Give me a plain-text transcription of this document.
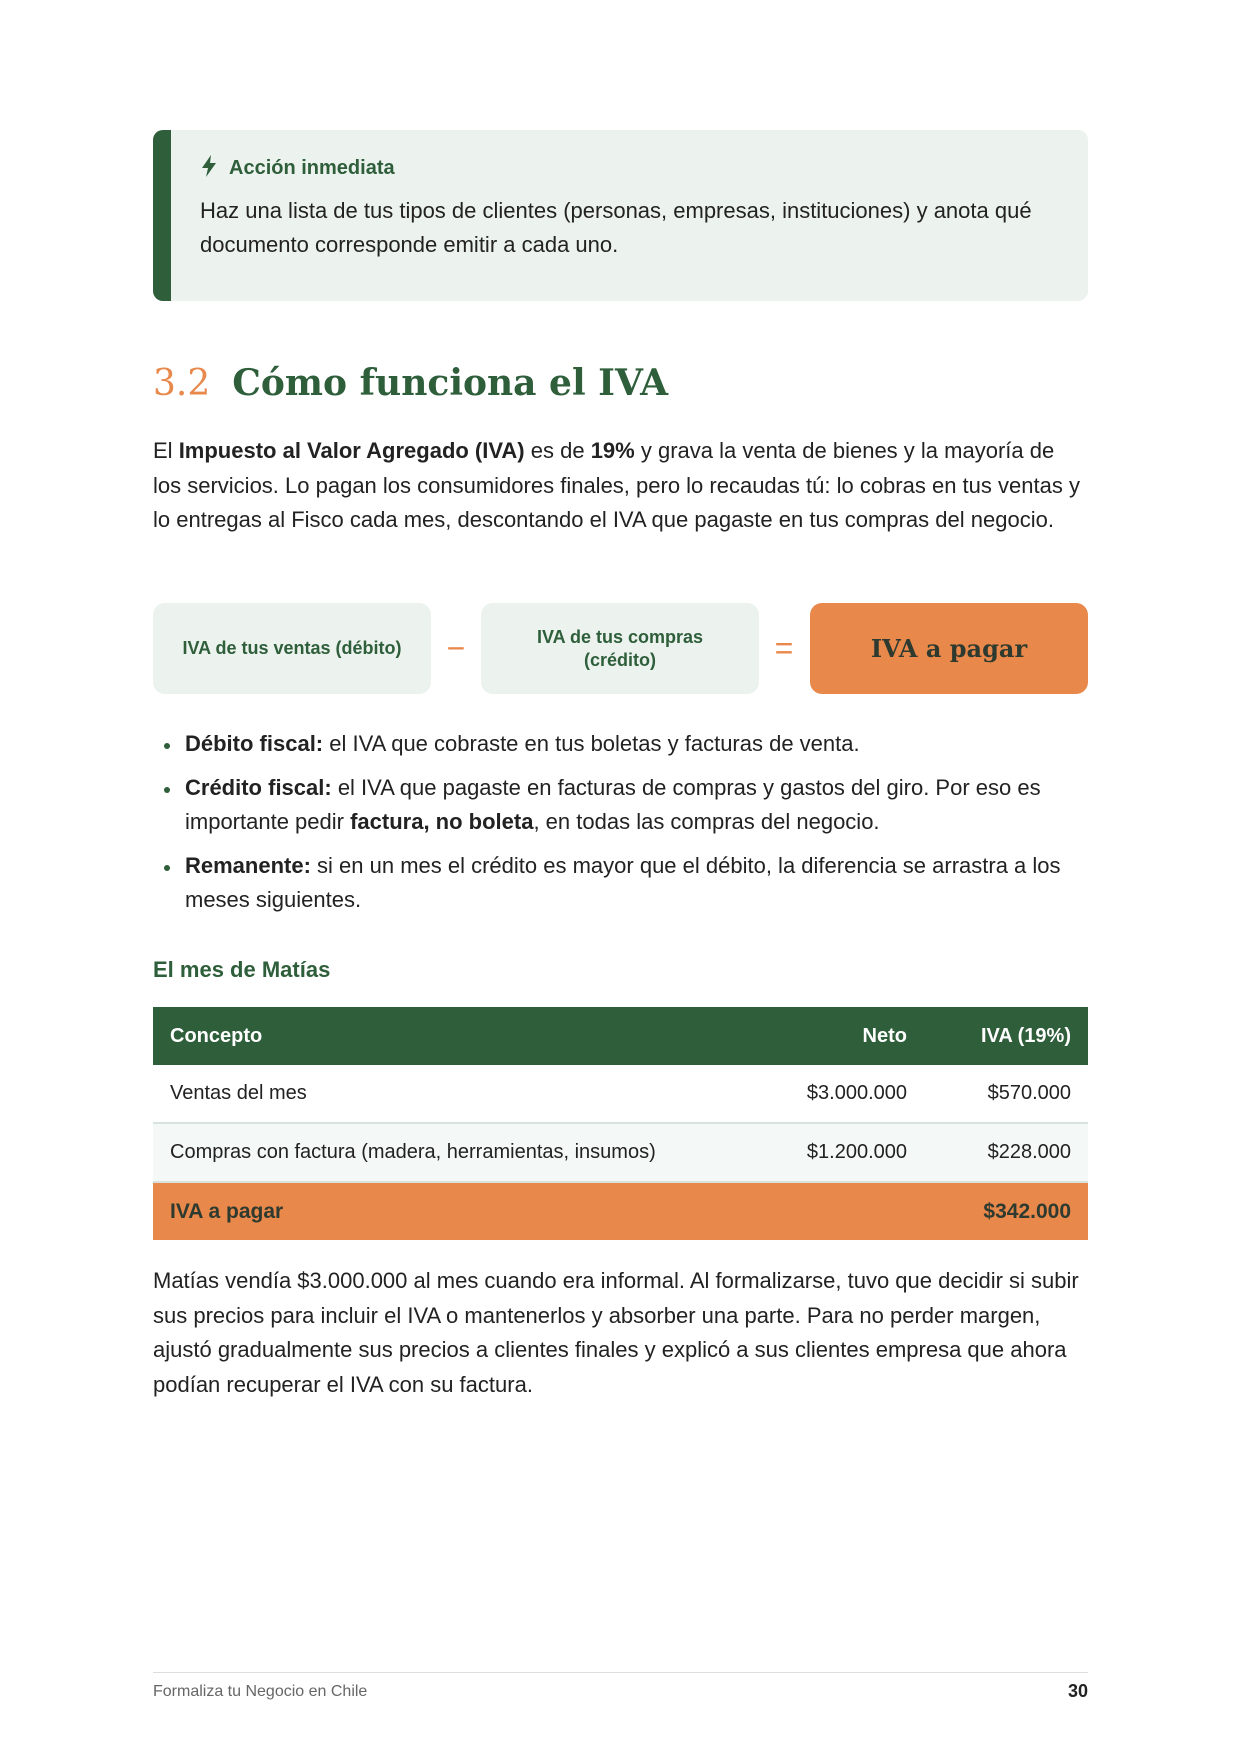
Acción inmediata
Haz una lista de tus tipos de clientes (personas, empresas, instituciones) y anota qué documento corresponde emitir a cada uno.
3.2 Cómo funciona el IVA
El Impuesto al Valor Agregado (IVA) es de 19% y grava la venta de bienes y la mayoría de los servicios. Lo pagan los consumidores finales, pero lo recaudas tú: lo cobras en tus ventas y lo entregas al Fisco cada mes, descontando el IVA que pagaste en tus compras del negocio.
IVA de tus ventas (débito)	−	IVA de tus compras (crédito)	=	IVA a pagar
Débito fiscal: el IVA que cobraste en tus boletas y facturas de venta.
Crédito fiscal: el IVA que pagaste en facturas de compras y gastos del giro. Por eso es importante pedir factura, no boleta, en todas las compras del negocio.
Remanente: si en un mes el crédito es mayor que el débito, la diferencia se arrastra a los meses siguientes.
El mes de Matías
Concepto	Neto	IVA (19%)
Ventas del mes	$3.000.000	$570.000
Compras con factura (madera, herramientas, insumos)	$1.200.000	$228.000
IVA a pagar		$342.000
Matías vendía $3.000.000 al mes cuando era informal. Al formalizarse, tuvo que decidir si subir sus precios para incluir el IVA o mantenerlos y absorber una parte. Para no perder margen, ajustó gradualmente sus precios a clientes finales y explicó a sus clientes empresa que ahora podían recuperar el IVA con su factura.
Formaliza tu Negocio en Chile	30
